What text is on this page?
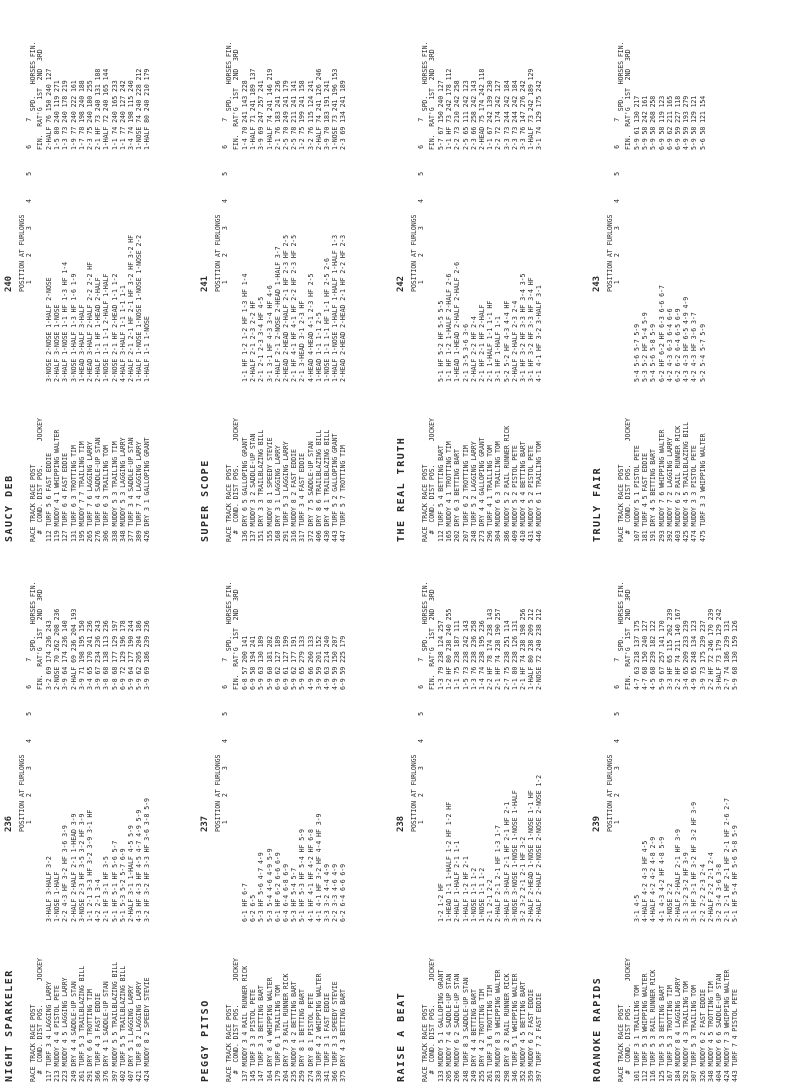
NIGHT SPARKELER
236 POSITION AT FURLONGS
1      2      3      4      5      6      7
RACE TRACK RACE POST
#  COND. DIST POS.      JOCKEY
117 TURF 3 4 LAGGING LARRY 213 MUDDY 4 4 PISTOL PETE 223 MUDDY 4 5 LAGGING LARRY 249 DRY 4 4 SADDLE-UP STAN 261 TURF 5 3 TRAILBLAZING BILL 291 DRY 6 6 TROTTING TIM 366 TURF 4 3 FAST EDDIE 376 DRY 4 1 SADDLE-UP STAN 397 MUDDY 5 5 TRAILBLAZING BILL 402 TURF 5 5 TRAILBLAZING BILL 407 DRY 5 1 LAGGING LARRY 421 TURF 8 2 LAGGING LARRY 424 MUDDY 8 2 SPEEDY STEVIE
3-HALF 3-HALF 3-2 1-NOSE 1-HALF 2-2 4-3 HF 3-2 HF 3-6 3-9 2-HALF 2-HALF 2-1 1-HEAD 3-9 3-NOSE 2-3 HF 3-5 3-2 HF 3-9 1-1 2-1 3-3 HF 3-2 3-9 3-1 HF 4-2 2-1 3-4 2-1 HF 3-1 HF 3-5 5-1 HF 5-1 HF 5-6 5-7 5-1 5-3 5-2 5-7 6-9 2-HALF 3-1 1-HALF 4-5 5-9 4-3 HF 4-3 HF 4-5 4-7 4-9 5-9 3-2 HF 3-2 HF 3-3 HF 3-6 3-8 5-9
SPD.   HORSES FIN.
FIN.  RAT'G  1ST  2ND  3RD
3-2 69 174 236 243 2-NOSE 70 262 208 236 3-9 64 174 236 140 2-HALF 69 236 204 193 3-9 71 198 195 150 3-4 65 170 241 236 3-9 67 234 236 243 3-8 68 138 113 236 5-8 68 177 129 197 6-9 72 129 196 178 5-9 64 177 190 244 5-9 62 205 204 186 3-9 69 186 239 236
PEGGY PITSO
237 POSITION AT FURLONGS
1      2      3      4      5      6      7
RACE TRACK RACE POST
#  COND. DIST POS.      JOCKEY 137 MUDDY 3 4 RAIL RUNNER RICK 145 TURF 3 3 PISTOL PETE 147 TURF 3 3 BETTING BART 164 DRY 8 4 WHIPPING WALTER 179 TURF 6 1 TRAILING TOM 204 DRY 7 3 RAIL RUNNER RICK 235 MUDDY 4 2 BETTING BART 259 DRY 8 1 BETTING BART 274 DRY 8 1 PISTOL PETE 330 TURF 4 2 WHIPPING WALTER 341 TURF 3 1 FAST EDDIE 366 TURF 3 3 SPEEDY STEVIE 375 DRY 4 3 BETTING BART
6-1 HF 6-7 6-2 6-5 5-3 HF 5-6 4-7 4-9 5-3 5-4 4-6 4-9 5-9 6-1 HF 6-2 6-6 6-9 6-4 6-4 6-8 6-9 5-3 HF 5-4 5-7 5-1 HF 5-3 HF 5-4 HF 5-9 4-1 HF 4-1 HF 4-2 HF 6-8 4-1 4-1 HF 3-2 HF 4-4 HF 3-9 3-3 3-2 4-4 4-9 2-2 3-3 4-6 4-9 6-2 6-4 6-6 6-9
SPD.   HORSES FIN.
FIN.  RAT'G  1ST  2ND  3RD
6-8 57 200 141 6-9 58 194 241 5-9 63 130 189 5-9 60 181 202 6-9 62 127 189 6-9 61 127 199 5-9 62 177 191 5-9 65 279 133 4-9 66 260 133 3-9 59 201 152 4-9 63 214 240 4-9 59 150 207 6-9 59 225 179
RAISE A BEAT
238 POSITION AT FURLONGS
1      2      3      4      5      6      7
RACE TRACK RACE POST
#  COND. DIST POS.      JOCKEY 133 MUDDY 5 1 GALLOPING GRANT 205 MUDDY 7 4 SADDLE-UP STAN 206 MUDDY 6 2 SADDLE-UP STAN 248 TURF 8 3 SADDLE-UP STAN 249 DRY 4 4 BETTING BART 255 DRY 4 2 TROTTING TIM 261 TURF 3 6 TROTTING TIM 283 MUDDY 8 3 WHIPPING WALTER 298 DRY 8 2 RAIL RUNNER RICK 346 TURF 5 1 WHIPPING WALTER 352 MUDDY 4 5 BETTING BART 359 MUDDY 6 2 FAST EDDIE 397 TURF 7 2 FAST EDDIE
1-2 1-2 HF 1-HEAD 1-1 1-HALF 1-2 HF 1-2 HF 2-HALF 1-HALF 2-1 1-1 1-HALF 1-2 HF 2-1 1-NOSE 1-1 1-2 1-NOSE 1-1 1-2 2-1 2-1 2-2 2-HALF 2-1 2-1 HF 1-3 1-7 3-HALF 3-HALF 2-1 HF 2-1 HF 2-1 3-NOSE 3-NOSE 1-NOSE 1-NOSE 1-HALF 3-2 3-2 2-1 2-1 HF 3-2 2-HALF 2-HEAD 1-NOSE 1-NOSE 1-1 HF 2-HALF 2-HALF 2-NOSE 2-NOSE 2-NOSE 1-2
SPD.   HORSES FIN.
FIN.  RAT'G  1ST  2ND  3RD
1-3 79 238 124 257 1-2 HF 80 238 240 255 1-1 75 238 187 111 1-5 73 238 242 143 1-3 76 238 236 258 1-4 74 238 195 236 2-2 HF 78 174 238 143 2-1 HF 74 238 190 257 2-7 75 238 251 114 1-1 80 238 126 131 2-1 HF 74 238 198 256 1-HALF 80 238 209 212 2-NOSE 72 240 238 212
ROANOKE RAPIDS
239 POSITION AT FURLONGS
1      2      3      4      5      6      7
RACE TRACK RACE POST
#  COND. DIST POS.      JOCKEY
101 TURF 3 1 TRAILING TOM 112 TURF 5 3 WHIPPING WALTER 116 TURF 5 3 RAIL RUNNER RICK 125 TURF 5 3 BETTING BART 167 TURF 5 3 TROTTING TIM 184 MUDDY 8 4 LAGGING LARRY 292 MUDDY 4 3 TRAILING TOM 307 TURF 5 3 TRAILING TOM 326 MUDDY 6 2 FAST EDDIE 348 MUDDY 4 5 TROTTING TIM 404 MUDDY 6 6 SADDLE-UP STAN 424 MUDDY 7 3 WHIPPING WALTER 443 TURF 7 4 PISTOL PETE
3-1 4-5 4-HALF 4-2 4-3 HF 4-5 4-HALF 4-2 4-2 4-8 2-9 4-1 4-3 4-2 HF 4-8 5-9 3-NOSE 2-2 2-HALF 2-HALF 2-1 HF 3-9 3-1 3-2 3-2 HF 3-9 3-1 HF 3-1 HF 3-2 HF 3-2 HF 3-9 2-2 2-2 2-3 2-4 2-HALF 2-2 2-1 2-4 3-2 3-4 3-6 3-8 2-1 2-1 HF 2-1 HF 2-1 HF 2-6 2-7 5-1 HF 5-4 HF 5-6 5-8 5-9
SPD.   HORSES FIN.
FIN.  RAT'G  1ST  2ND  3RD
4-7 63 218 137 175 4-7 68 150 240 127 4-5 68 239 182 122 5-9 67 257 141 170 3-3 HF 65 115 262 239 2-2 HF 74 211 140 167 3-4 65 209 233 239 4-9 65 248 134 123 3-9 73 175 239 237 2-2 HF 72 246 170 239 3-HALF 73 179 129 242 2-7 74 186 239 131 5-9 68 130 159 126
SAUCY DEB
240 POSITION AT FURLONGS
1      2      3      4      5      6      7
RACE TRACK RACE POST
#  COND. DIST POS.      JOCKEY
112 TURF 5 6 FAST EDDIE 119 MUDDY 4 1 WHIPPING WALTER 127 TURF 6 4 FAST EDDIE 131 TURF 6 3 TROTTING TIM 195 MUDDY 7 7 TRAILING TIM 265 TURF 7 6 LAGGING LARRY 276 TURF 6 4 SADDLE-UP STAN 306 TURF 6 3 TRAILING TOM 338 MUDDY 5 3 TRAILING TIM 348 MUDDY 5 3 LAGGING LARRY 377 TURF 3 4 SADDLE-UP STAN 389 TURF 7 4 LAGGING LARRY 426 DRY 3 1 GALLOPING GRANT
3-NOSE 2-NOSE 1-HALF 2-NOSE 2-HALF 3-NOSE 1-NOSE 3-HALF 1-NOSE 1-1 HF 1-3 HF 1-4 3-NOSE 1-HALF 1-3 HF 1-6 1-9 1-HEAD 3-HALF 3-HALF 2-HEAD 3-HALF 2-HALF 2-2 2-2 HF 2-HALF 1-1 HF 1-HEAD 2-HALF 1-NOSE 1-1 1-1 2-HALF 1-HALF 2-NOSE 2-1 HF 2-HEAD 1-1 1-2 4-HALF 3-HALF 1-1 1-1 1-1 2-HALF 2-1 2-1 HF 2-1 HF 3-2 HF 3-2 HF 1-HALF 1-NOSE 1-NOSE 1-NOSE 1-NOSE 2-2 1-HALF 1-1 1-NOSE
SPD.   HORSES FIN.
FIN.  RAT'G  1ST  2ND  3RD
2-HALF 76 150 240 127 1-5 80 240 119 271 1-3 73 240 178 219 1-9 77 240 222 161 1-7 78 198 240 188 2-3 75 240 180 255 2-1 HF 73 240 131 188 1-HALF 72 240 165 144 1-1 74 240 165 233 1-1 77 240 127 242 3-4 74 198 115 240 1-NOSE 74 240 228 212 1-HALF 80 240 210 179
SUPER SCOPE
241 POSITION AT FURLONGS
1      2      3      4      5      6      7
RACE TRACK RACE POST
#  COND. DIST POS.      JOCKEY
136 DRY 6 5 GALLOPING GRANT 137 MUDDY 3 2 SADDLE-UP STAN 151 DRY 3 3 TRAILBLAZING BILL 155 MUDDY 8 1 SPEEDY STEVIE 168 DRY 3 1 LAGGING LARRY 291 TURF 5 3 LAGGING LARRY 316 MUDDY 8 2 FAST EDDIE 317 TURF 3 4 FAST EDDIE 372 DRY 7 5 SADDLE-UP STAN 406 DRY 8 6 TRAILBLAZING BILL 430 DRY 4 1 TRAILBLAZING BILL 443 TURF 5 2 GALLOPING GRANT 447 TURF 5 7 TROTTING TIM
1-1 HF 1-2 1-2 HF 1-3 HF 1-4 2-HALF 2-1 2-3 2-2 HF 2-1 2-1 2-3 3-4 HF 4-5 3-1 3-1 HF 4-3 3-4 HF 4-6 2-HALF 2-1 2-NOSE 2-HEAD 1-HALF 3-7 2-HEAD 2-HEAD 2-HALF 2-1 HF 2-3 HF 2-5 2-1 HF 4-1 HF 4-1 HF 2-2 HF 2-3 HF 2-5 2-1 3-HEAD 3-1 2-3 HF 4-HEAD 4-HEAD 4-1 2-3 HF 2-5 1-HEAD 1-1 1-1 2-5 1-NOSE 1-1 1-1 HF 1-1 HF 2-5 2-6 1-HALF 1-NOSE 1-HALF 1-HALF 1-HALF 1-3 2-HEAD 2-HEAD 2-HEAD 2-1 HF 2-2 HF 2-3
SPD.   HORSES FIN.
FIN.  RAT'G  1ST  2ND  3RD
1-4 70 241 143 228 1-HALF 71 241 189 137 3-9 69 247 257 241 1-HALF 74 241 146 219 2-1 76 183 241 236 2-5 70 249 241 179 2-5 78 211 241 141 1-2 75 199 241 158 3-2 76 115 124 241 2-HALF 74 241 126 246 3-9 70 183 191 241 1-NOSE 73 241 196 153 2-3 69 134 241 189
THE REAL TRUTH
242 POSITION AT FURLONGS
1      2      3      4      5      6      7
RACE TRACK RACE POST
#  COND. DIST POS.      JOCKEY
112 TURF 5 4 BETTING BART 165 MUDDY 4 1 TROTTING TIM 202 DRY 6 3 BETTING BART 207 TURF 6 2 TROTTING TIM 248 TURF 5 2 LAGGING LARRY 273 DRY 4 4 GALLOPING GRANT 296 TURF 4 1 TRAILING TOM 304 MUDDY 6 3 TRAILING TOM 386 MUDDY 5 2 RAIL RUNNER RICK 409 MUDDY 5 2 PISTOL PETE 410 MUDDY 4 4 BETTING BART 431 MUDDY 5 2 PISTOL PETE 446 MUDDY 6 1 TRAILING TOM
5-1 HF 5-2 HF 5-5 5-5 1-1 HF 1-2 1-HALF 2-HALF 2-6 1-HEAD 1-HEAD 2-HALF 2-HALF 2-6 2-1 3-5 3-6 3-6 2-HALF 2-2 HF 2-4 2-1 HF 2-1 HF 2-HALF 2-1 1-HALF 1-1 1-1 HF 3-1 HF 1-HALF 1-1 5-2 5-2 HF 4-3 4-4 HF 2-HALF 2-HALF 2-3 2-4 3-1 HF 3-2 HF 3-3 HF 3-4 3-5 3-1 HF 3-2 HF 3-3 HF 3-4 HF 4-1 4-1 HF 3-2 3-HALF 3-1
SPD.   HORSES FIN.
FIN.  RAT'G  1ST  2ND  3RD
5-7 67 150 240 127 1-1 HF 73 242 178 112 2-2 73 210 242 258 2-5 65 111 242 123 2-3 66 258 242 143 2-HEAD 75 174 242 118 1-1 67 242 139 230 2-2 72 174 242 127 3-3 73 244 242 184 2-3 73 244 242 184 3-3 76 147 276 242 1-HALF 73 242 189 129 3-1 74 129 175 242
TRULY FAIR
243 POSITION AT FURLONGS
1      2      3      4      5      6      7
RACE TRACK RACE POST
#  COND. DIST POS.      JOCKEY
107 MUDDY 5 1 PISTOL PETE 181 TURF 4 5 FAST EDDIE 191 DRY 4 5 BETTING BART 293 MUDDY 7 6 WHIPPING WALTER 392 MUDDY 7 2 LAGGING LARRY 403 MUDDY 6 2 RAIL RUNNER RICK 425 MUDDY 4 5 TRAILBLAZING BILL 474 MUDDY 3 3 PISTOL PETE 475 TURF 3 3 WHIPPING WALTER
5-4 5-6 5-7 5-9 5-3 5-2 HF 5-4 5-9 5-4 5-6 5-8 5-9 6-2 HF 6-2 HF 6-3 6-6 6-7 4-2 4-3 6-3 6-4 6-6 6-2 6-2 6-4 6-5 6-9 4-3 4-3 HF 6-5 4-9 4-9 4-2 4-3 HF 3-6 3-7 5-2 5-4 5-7 5-9
SPD.   HORSES FIN.
FIN.  RAT'G  1ST  2ND  3RD
5-9 61 130 217 5-9 58 242 161 5-9 58 268 258 6-9 58 119 123 6-9 62 211 165 6-9 59 227 118 4-9 59 193 279 5-9 58 129 121 5-6 58 121 154
